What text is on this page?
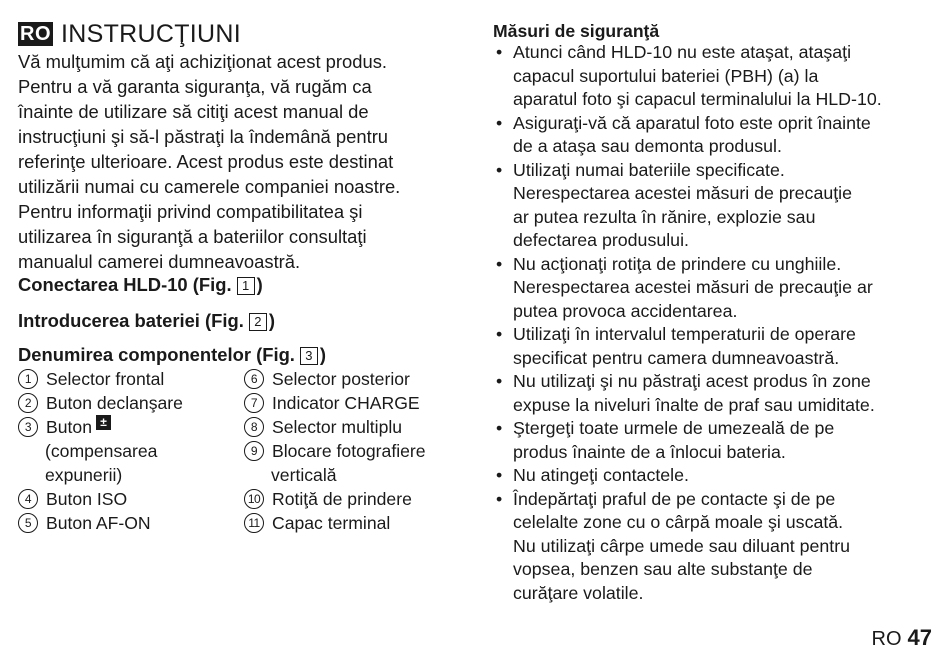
RO INSTRUCŢIUNI
Vă mulţumim că aţi achiziţionat acest produs.
Pentru a vă garanta siguranţa, vă rugăm ca
înainte de utilizare să citiţi acest manual de
instrucţiuni şi să-l păstraţi la îndemână pentru
referinţe ulterioare. Acest produs este destinat
utilizării numai cu camerele companiei noastre.
Pentru informaţii privind compatibilitatea şi
utilizarea în siguranţă a bateriilor consultaţi
manualul camerei dumneavoastră.
Conectarea HLD-10 (Fig. 1 )
Introducerea bateriei (Fig. 2 )
Denumirea componentelor (Fig. 3 )
1 Selector frontal
2 Buton declanşare
3 Buton ±
(compensarea
expunerii)
4 Buton ISO
5 Buton AF-ON
6 Selector posterior
7 Indicator CHARGE
8 Selector multiplu
9 Blocare fotografiere
verticală
10 Rotiţă de prindere
11 Capac terminal
Măsuri de siguranţă
• Atunci când HLD-10 nu este ataşat, ataşaţi
capacul suportului bateriei (PBH) (a) la
aparatul foto şi capacul terminalului la HLD-10.
• Asiguraţi-vă că aparatul foto este oprit înainte
de a ataşa sau demonta produsul.
• Utilizaţi numai bateriile specificate.
Nerespectarea acestei măsuri de precauţie
ar putea rezulta în rănire, explozie sau
defectarea produsului.
• Nu acţionaţi rotiţa de prindere cu unghiile.
Nerespectarea acestei măsuri de precauţie ar
putea provoca accidentarea.
• Utilizaţi în intervalul temperaturii de operare
specificat pentru camera dumneavoastră.
• Nu utilizaţi şi nu păstraţi acest produs în zone
expuse la niveluri înalte de praf sau umiditate.
• Ştergeţi toate urmele de umezeală de pe
produs înainte de a înlocui bateria.
• Nu atingeţi contactele.
• Îndepărtaţi praful de pe contacte şi de pe
celelalte zone cu o cârpă moale şi uscată.
Nu utilizaţi cârpe umede sau diluant pentru
vopsea, benzen sau alte substanţe de
curăţare volatile.
RO 47
